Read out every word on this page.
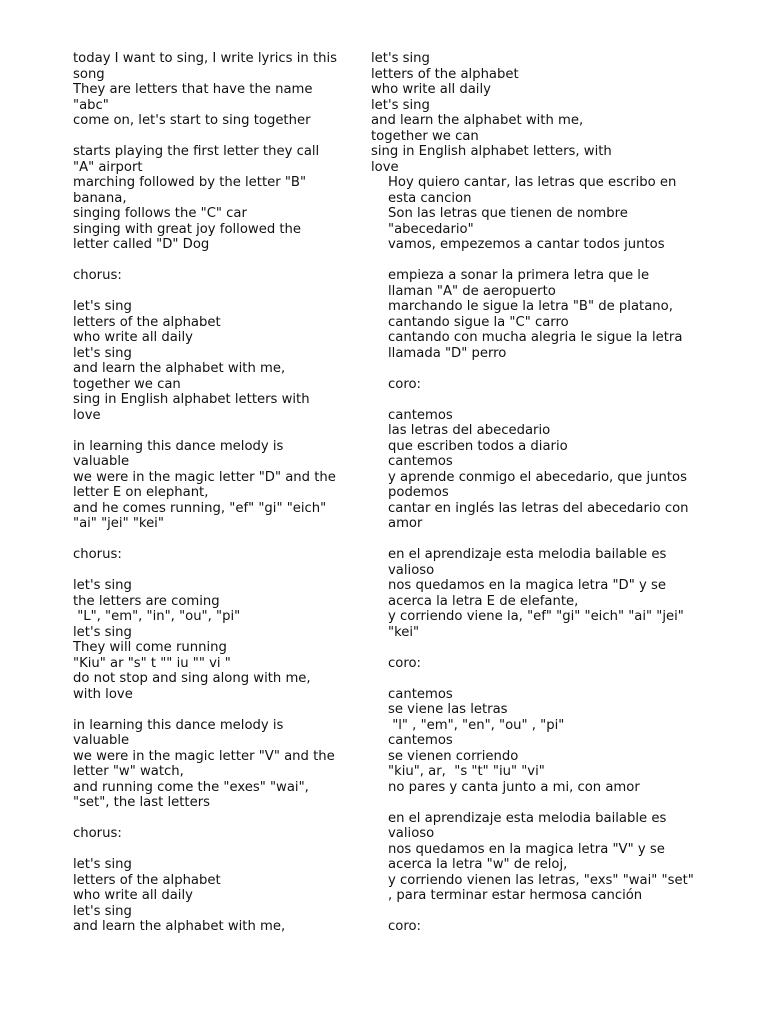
today I want to sing, I write lyrics in this
song
They are letters that have the name
"abc"
come on, let's start to sing together
starts playing the first letter they call
"A" airport
marching followed by the letter "B"
banana,
singing follows the "C" car
singing with great joy followed the
letter called "D" Dog
chorus:
let's sing
letters of the alphabet
who write all daily
let's sing
and learn the alphabet with me,
together we can
sing in English alphabet letters with
love
in learning this dance melody is
valuable
we were in the magic letter "D" and the
letter E on elephant,
and he comes running, "ef" "gi" "eich"
"ai" "jei" "kei"
chorus:
let's sing
the letters are coming
"L", "em", "in", "ou", "pi"
let's sing
They will come running
"Kiu" ar "s" t "" iu "" vi "
do not stop and sing along with me,
with love
in learning this dance melody is
valuable
we were in the magic letter "V" and the
letter "w" watch,
and running come the "exes" "wai",
"set", the last letters
chorus:
let's sing
letters of the alphabet
who write all daily
let's sing
and learn the alphabet with me,
let's sing
letters of the alphabet
who write all daily
let's sing
and learn the alphabet with me,
together we can
sing in English alphabet letters, with
love
Hoy quiero cantar, las letras que escribo en
esta cancion
Son las letras que tienen de nombre
"abecedario"
vamos, empezemos a cantar todos juntos
empieza a sonar la primera letra que le
llaman "A" de aeropuerto
marchando le sigue la letra "B" de platano,
cantando sigue la "C" carro
cantando con mucha alegria le sigue la letra
llamada "D" perro
coro:
cantemos
las letras del abecedario
que escriben todos a diario
cantemos
y aprende conmigo el abecedario, que juntos
podemos
cantar en inglés las letras del abecedario con
amor
en el aprendizaje esta melodia bailable es
valioso
nos quedamos en la magica letra "D" y se
acerca la letra E de elefante,
y corriendo viene la, "ef" "gi" "eich" "ai" "jei"
"kei"
coro:
cantemos
se viene las letras
"l" , "em", "en", "ou" , "pi"
cantemos
se vienen corriendo
"kiu", ar,  "s "t" "iu" "vi"
no pares y canta junto a mi, con amor
en el aprendizaje esta melodia bailable es
valioso
nos quedamos en la magica letra "V" y se
acerca la letra "w" de reloj,
y corriendo vienen las letras, "exs" "wai" "set"
, para terminar estar hermosa canción
coro:
